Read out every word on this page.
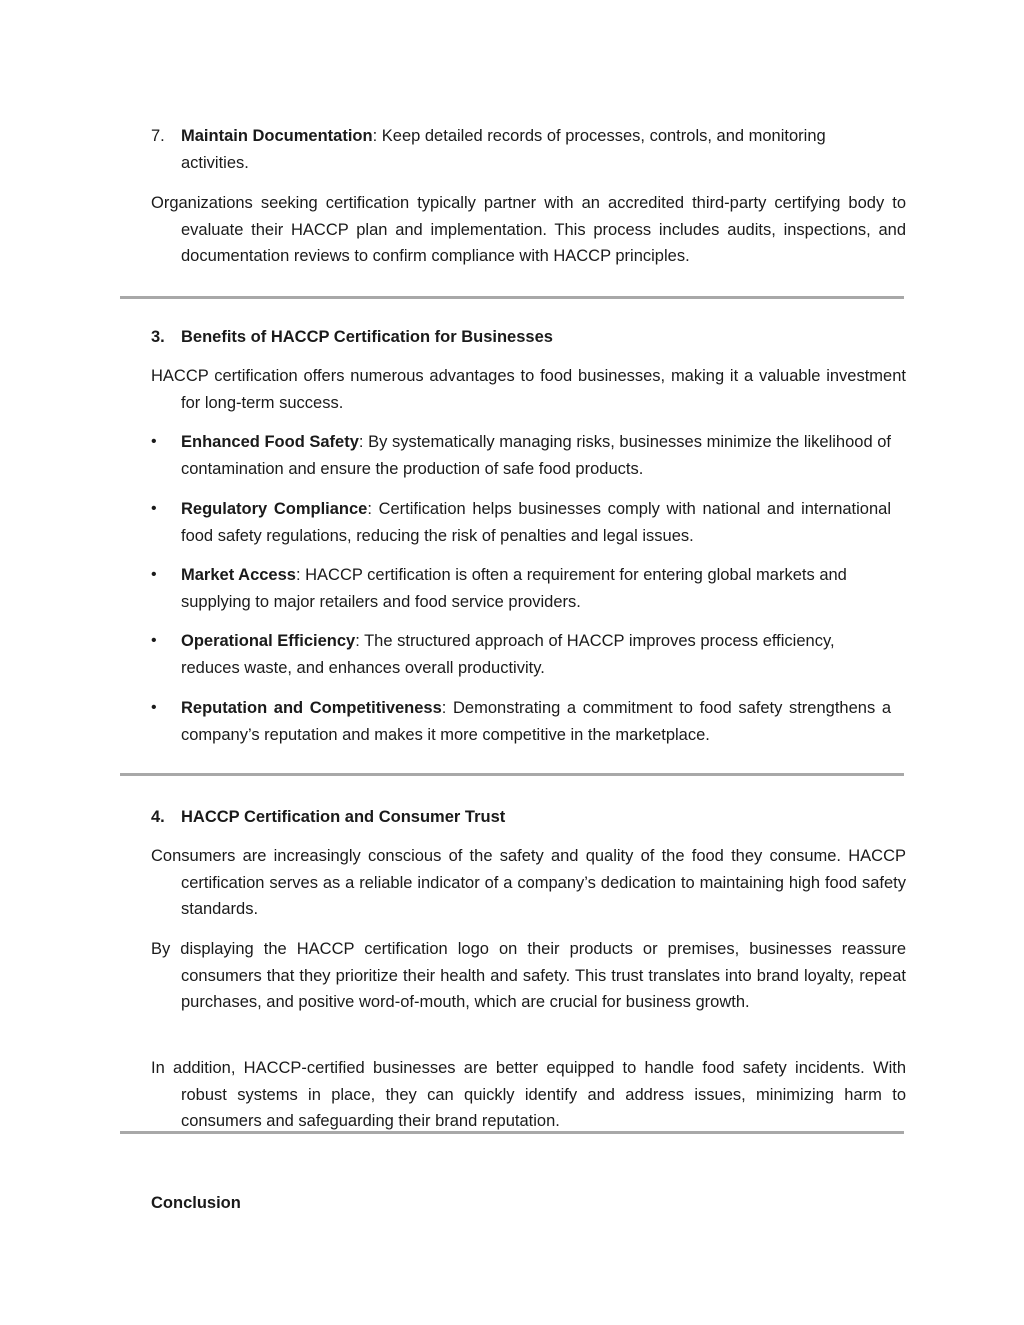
7. Maintain Documentation: Keep detailed records of processes, controls, and monitoring activities.
Organizations seeking certification typically partner with an accredited third-party certifying body to evaluate their HACCP plan and implementation. This process includes audits, inspections, and documentation reviews to confirm compliance with HACCP principles.
3. Benefits of HACCP Certification for Businesses
HACCP certification offers numerous advantages to food businesses, making it a valuable investment for long-term success.
• Enhanced Food Safety: By systematically managing risks, businesses minimize the likelihood of contamination and ensure the production of safe food products.
• Regulatory Compliance: Certification helps businesses comply with national and international food safety regulations, reducing the risk of penalties and legal issues.
• Market Access: HACCP certification is often a requirement for entering global markets and supplying to major retailers and food service providers.
• Operational Efficiency: The structured approach of HACCP improves process efficiency, reduces waste, and enhances overall productivity.
• Reputation and Competitiveness: Demonstrating a commitment to food safety strengthens a company’s reputation and makes it more competitive in the marketplace.
4. HACCP Certification and Consumer Trust
Consumers are increasingly conscious of the safety and quality of the food they consume. HACCP certification serves as a reliable indicator of a company’s dedication to maintaining high food safety standards.
By displaying the HACCP certification logo on their products or premises, businesses reassure consumers that they prioritize their health and safety. This trust translates into brand loyalty, repeat purchases, and positive word-of-mouth, which are crucial for business growth.
In addition, HACCP-certified businesses are better equipped to handle food safety incidents. With robust systems in place, they can quickly identify and address issues, minimizing harm to consumers and safeguarding their brand reputation.
Conclusion
